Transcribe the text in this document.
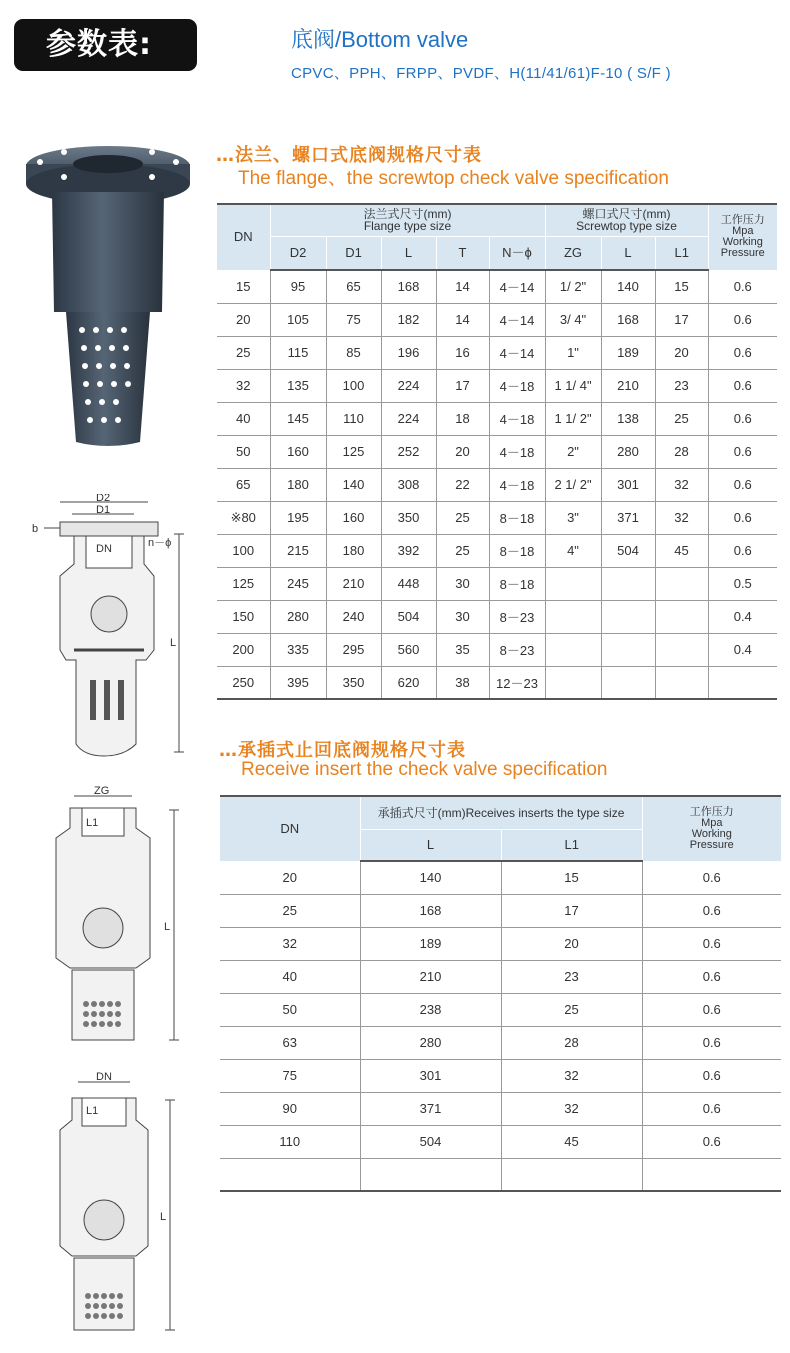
参数表:	底阀/Bottom valve
CPVC、PPH、FRPP、PVDF、H(11/41/61)F-10 ( S/F )
D2
D1
b
DN	n－ϕ
L
ZG
L1
L
DN
L1
L
…法兰、螺口式底阀规格尺寸表
The flange、the screwtop check valve specification
DN	法兰式尺寸(mm)
Flange type size					螺口式尺寸(mm)
Screwtop type size			工作压力
Mpa
Working
Pressure

	D2	D1	L	T	N－ϕ	ZG	L	L1	
15	95	65	168	14	4－14	1/ 2"	140	15	0.6
20	105	75	182	14	4－14	3/ 4"	168	17	0.6
25	115	85	196	16	4－14	1"	189	20	0.6
32	135	100	224	17	4－18	1 1/ 4"	210	23	0.6
40	145	110	224	18	4－18	1 1/ 2"	138	25	0.6
50	160	125	252	20	4－18	2"	280	28	0.6
65	180	140	308	22	4－18	2 1/ 2"	301	32	0.6
※80	195	160	350	25	8－18	3"	371	32	0.6
100	215	180	392	25	8－18	4"	504	45	0.6
125	245	210	448	30	8－18				0.5
150	280	240	504	30	8－23				0.4
200	335	295	560	35	8－23				0.4
250	395	350	620	38	12－23				
…承插式止回底阀规格尺寸表
Receive insert the check valve specification
DN	承插式尺寸(mm)Receives inserts the type size		工作压力
Mpa
Working
Pressure

	L	L1	
20	140	15	0.6
25	168	17	0.6
32	189	20	0.6
40	210	23	0.6
50	238	25	0.6
63	280	28	0.6
75	301	32	0.6
90	371	32	0.6
110	504	45	0.6
